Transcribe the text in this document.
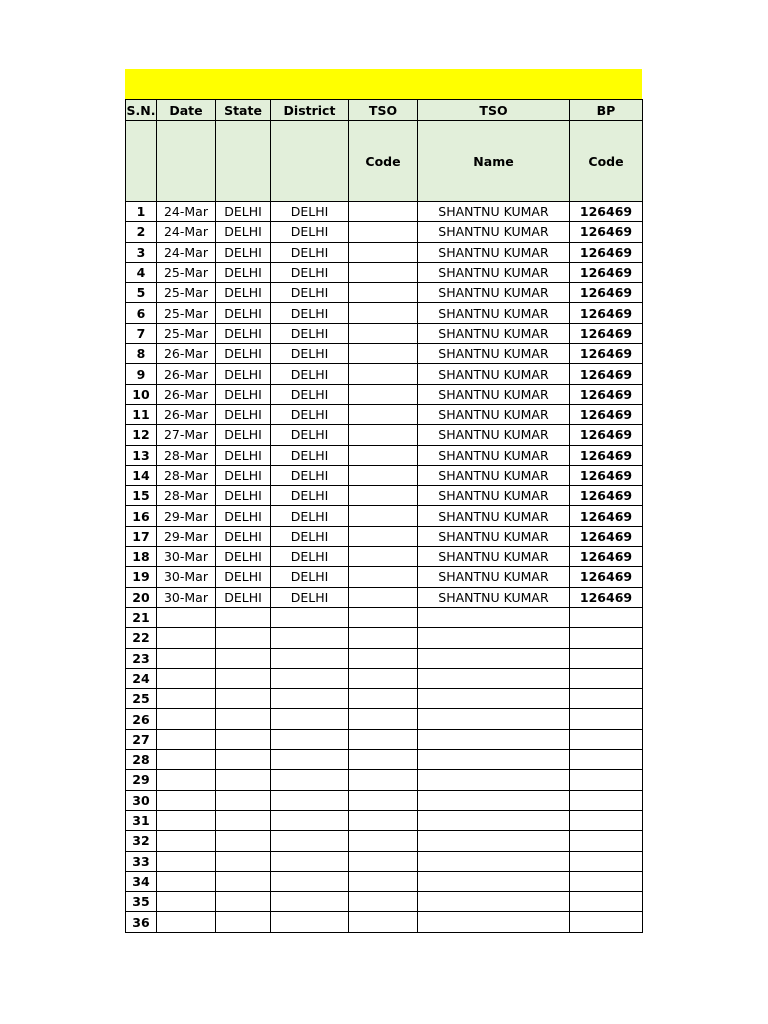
S.N.	Date	State	District	TSO	TSO	BP
				Code	Name	Code
1	24-Mar	DELHI	DELHI		SHANTNU KUMAR	126469
2	24-Mar	DELHI	DELHI		SHANTNU KUMAR	126469
3	24-Mar	DELHI	DELHI		SHANTNU KUMAR	126469
4	25-Mar	DELHI	DELHI		SHANTNU KUMAR	126469
5	25-Mar	DELHI	DELHI		SHANTNU KUMAR	126469
6	25-Mar	DELHI	DELHI		SHANTNU KUMAR	126469
7	25-Mar	DELHI	DELHI		SHANTNU KUMAR	126469
8	26-Mar	DELHI	DELHI		SHANTNU KUMAR	126469
9	26-Mar	DELHI	DELHI		SHANTNU KUMAR	126469
10	26-Mar	DELHI	DELHI		SHANTNU KUMAR	126469
11	26-Mar	DELHI	DELHI		SHANTNU KUMAR	126469
12	27-Mar	DELHI	DELHI		SHANTNU KUMAR	126469
13	28-Mar	DELHI	DELHI		SHANTNU KUMAR	126469
14	28-Mar	DELHI	DELHI		SHANTNU KUMAR	126469
15	28-Mar	DELHI	DELHI		SHANTNU KUMAR	126469
16	29-Mar	DELHI	DELHI		SHANTNU KUMAR	126469
17	29-Mar	DELHI	DELHI		SHANTNU KUMAR	126469
18	30-Mar	DELHI	DELHI		SHANTNU KUMAR	126469
19	30-Mar	DELHI	DELHI		SHANTNU KUMAR	126469
20	30-Mar	DELHI	DELHI		SHANTNU KUMAR	126469
21						
22						
23						
24						
25						
26						
27						
28						
29						
30						
31						
32						
33						
34						
35						
36						
